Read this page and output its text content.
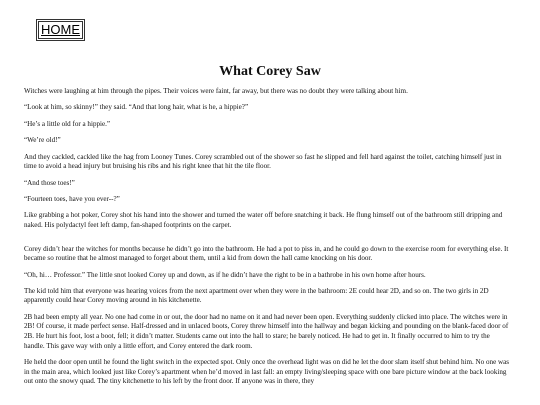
HOME
What Corey Saw

Witches were laughing at him through the pipes. Their voices were faint, far away, but there was no doubt they were talking about him.

“Look at him, so skinny!” they said. “And that long hair, what is he, a hippie?”

“He’s a little old for a hippie.”

“We’re old!”

And they cackled, cackled like the hag from Looney Tunes. Corey scrambled out of the shower so fast he slipped and fell hard against the toilet, catching himself just in time to avoid a head injury but bruising his ribs and his right knee that hit the tile floor.

“And those toes!”

“Fourteen toes, have you ever--?”

Like grabbing a hot poker, Corey shot his hand into the shower and turned the water off before snatching it back. He flung himself out of the bathroom still dripping and naked. His polydactyl feet left damp, fan-shaped footprints on the carpet.

Corey didn’t hear the witches for months because he didn’t go into the bathroom. He had a pot to piss in, and he could go down to the exercise room for everything else. It became so routine that he almost managed to forget about them, until a kid from down the hall came knocking on his door.

“Oh, hi… Professor.” The little snot looked Corey up and down, as if he didn’t have the right to be in a bathrobe in his own home after hours.

The kid told him that everyone was hearing voices from the next apartment over when they were in the bathroom: 2E could hear 2D, and so on. The two girls in 2D apparently could hear Corey moving around in his kitchenette.

2B had been empty all year. No one had come in or out, the door had no name on it and had never been open. Everything suddenly clicked into place. The witches were in 2B! Of course, it made perfect sense. Half-dressed and in unlaced boots, Corey threw himself into the hallway and began kicking and pounding on the blank-faced door of 2B. He hurt his foot, lost a boot, fell; it didn’t matter. Students came out into the hall to stare; he barely noticed. He had to get in. It finally occurred to him to try the handle. This gave way with only a little effort, and Corey entered the dark room.

He held the door open until he found the light switch in the expected spot. Only once the overhead light was on did he let the door slam itself shut behind him. No one was in the main area, which looked just like Corey’s apartment when he’d moved in last fall: an empty living/sleeping space with one bare picture window at the back looking out onto the snowy quad. The tiny kitchenette to his left by the front door. If anyone was in there, they
